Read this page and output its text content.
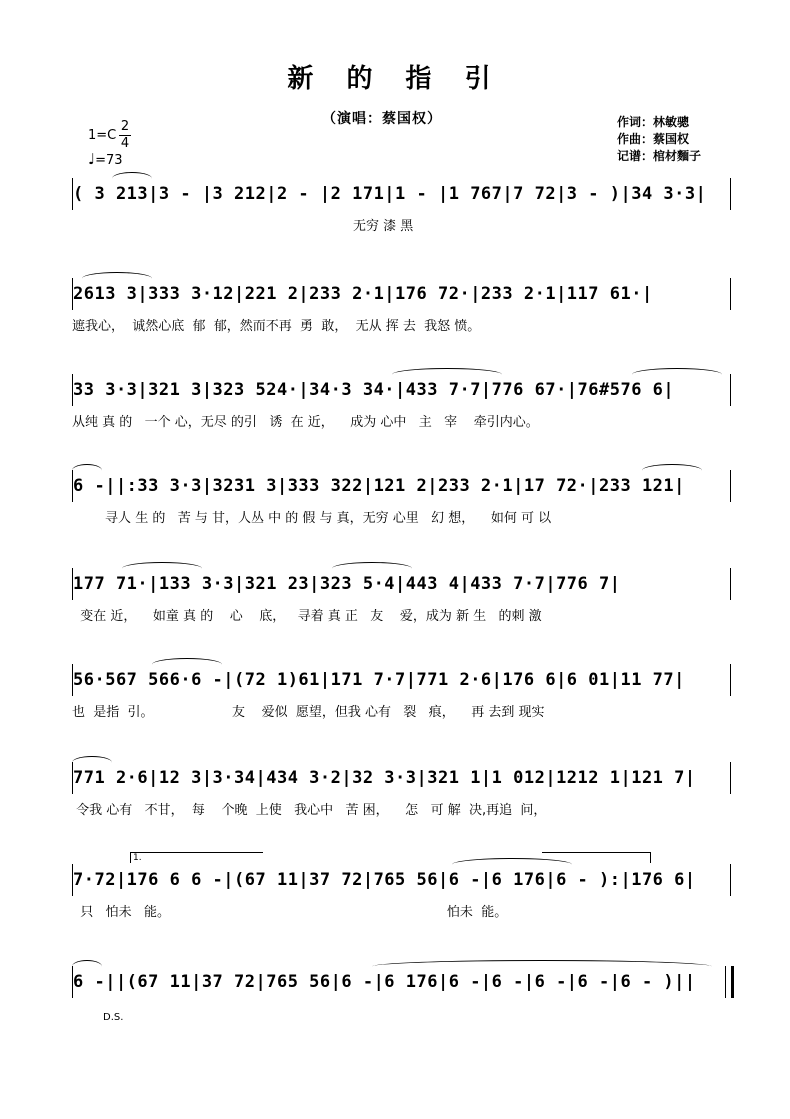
新 的 指 引
（演唱：蔡国权）	作词：林敏骢
作曲：蔡国权
记谱：棺材麵子
1=C
2
4
♩=73
( 3 213|3 - |3 212|2 - |2 171|1 - |1 767|7 72|3 - )|34 3·3|
无穷 漆 黑
2613 3|333 3·12|221 2|233 2·1|176 72·|233 2·1|117 61·|
遮我心，  诚然心底  郁  郁，然而不再  勇  敢，  无从 挥 去  我怒 愤。
33 3·3|321 3|323 524·|34·3 34·|433 7·7|776 67·|76#576 6|
从纯 真 的   一个 心，无尽 的引   诱  在 近，    成为 心中   主   宰    牵引内心。
6 -||:33 3·3|3231 3|333 322|121 2|233 2·1|17 72·|233 121|
寻人 生 的   苦 与 甘，人丛 中 的 假 与 真，无穷 心里   幻 想，    如何 可 以
177 71·|133 3·3|321 23|323 5·4|443 4|433 7·7|776 7|
变在 近，    如童 真 的    心    底，   寻着 真 正   友    爱，成为 新 生   的刺 激
56·567 566·6 -|(72 1)61|171 7·7|771 2·6|176 6|6 01|11 77|
也  是指  引。                   友    爱似  愿望，但我 心有   裂   痕，    再 去到 现实
771 2·6|12 3|3·34|434 3·2|32 3·3|321 1|1 012|1212 1|121 7|
令我 心有   不甘，  每    个晚  上使   我心中   苦 困，    怎   可 解  决,再追  问，
1.
7·72|176 6 6 -|(67 11|37 72|765 56|6 -|6 176|6 - ):|176 6|
只   怕未   能。                                                                   怕未  能。
6 -||(67 11|37 72|765 56|6 -|6 176|6 -|6 -|6 -|6 -|6 - )||
D.S.
